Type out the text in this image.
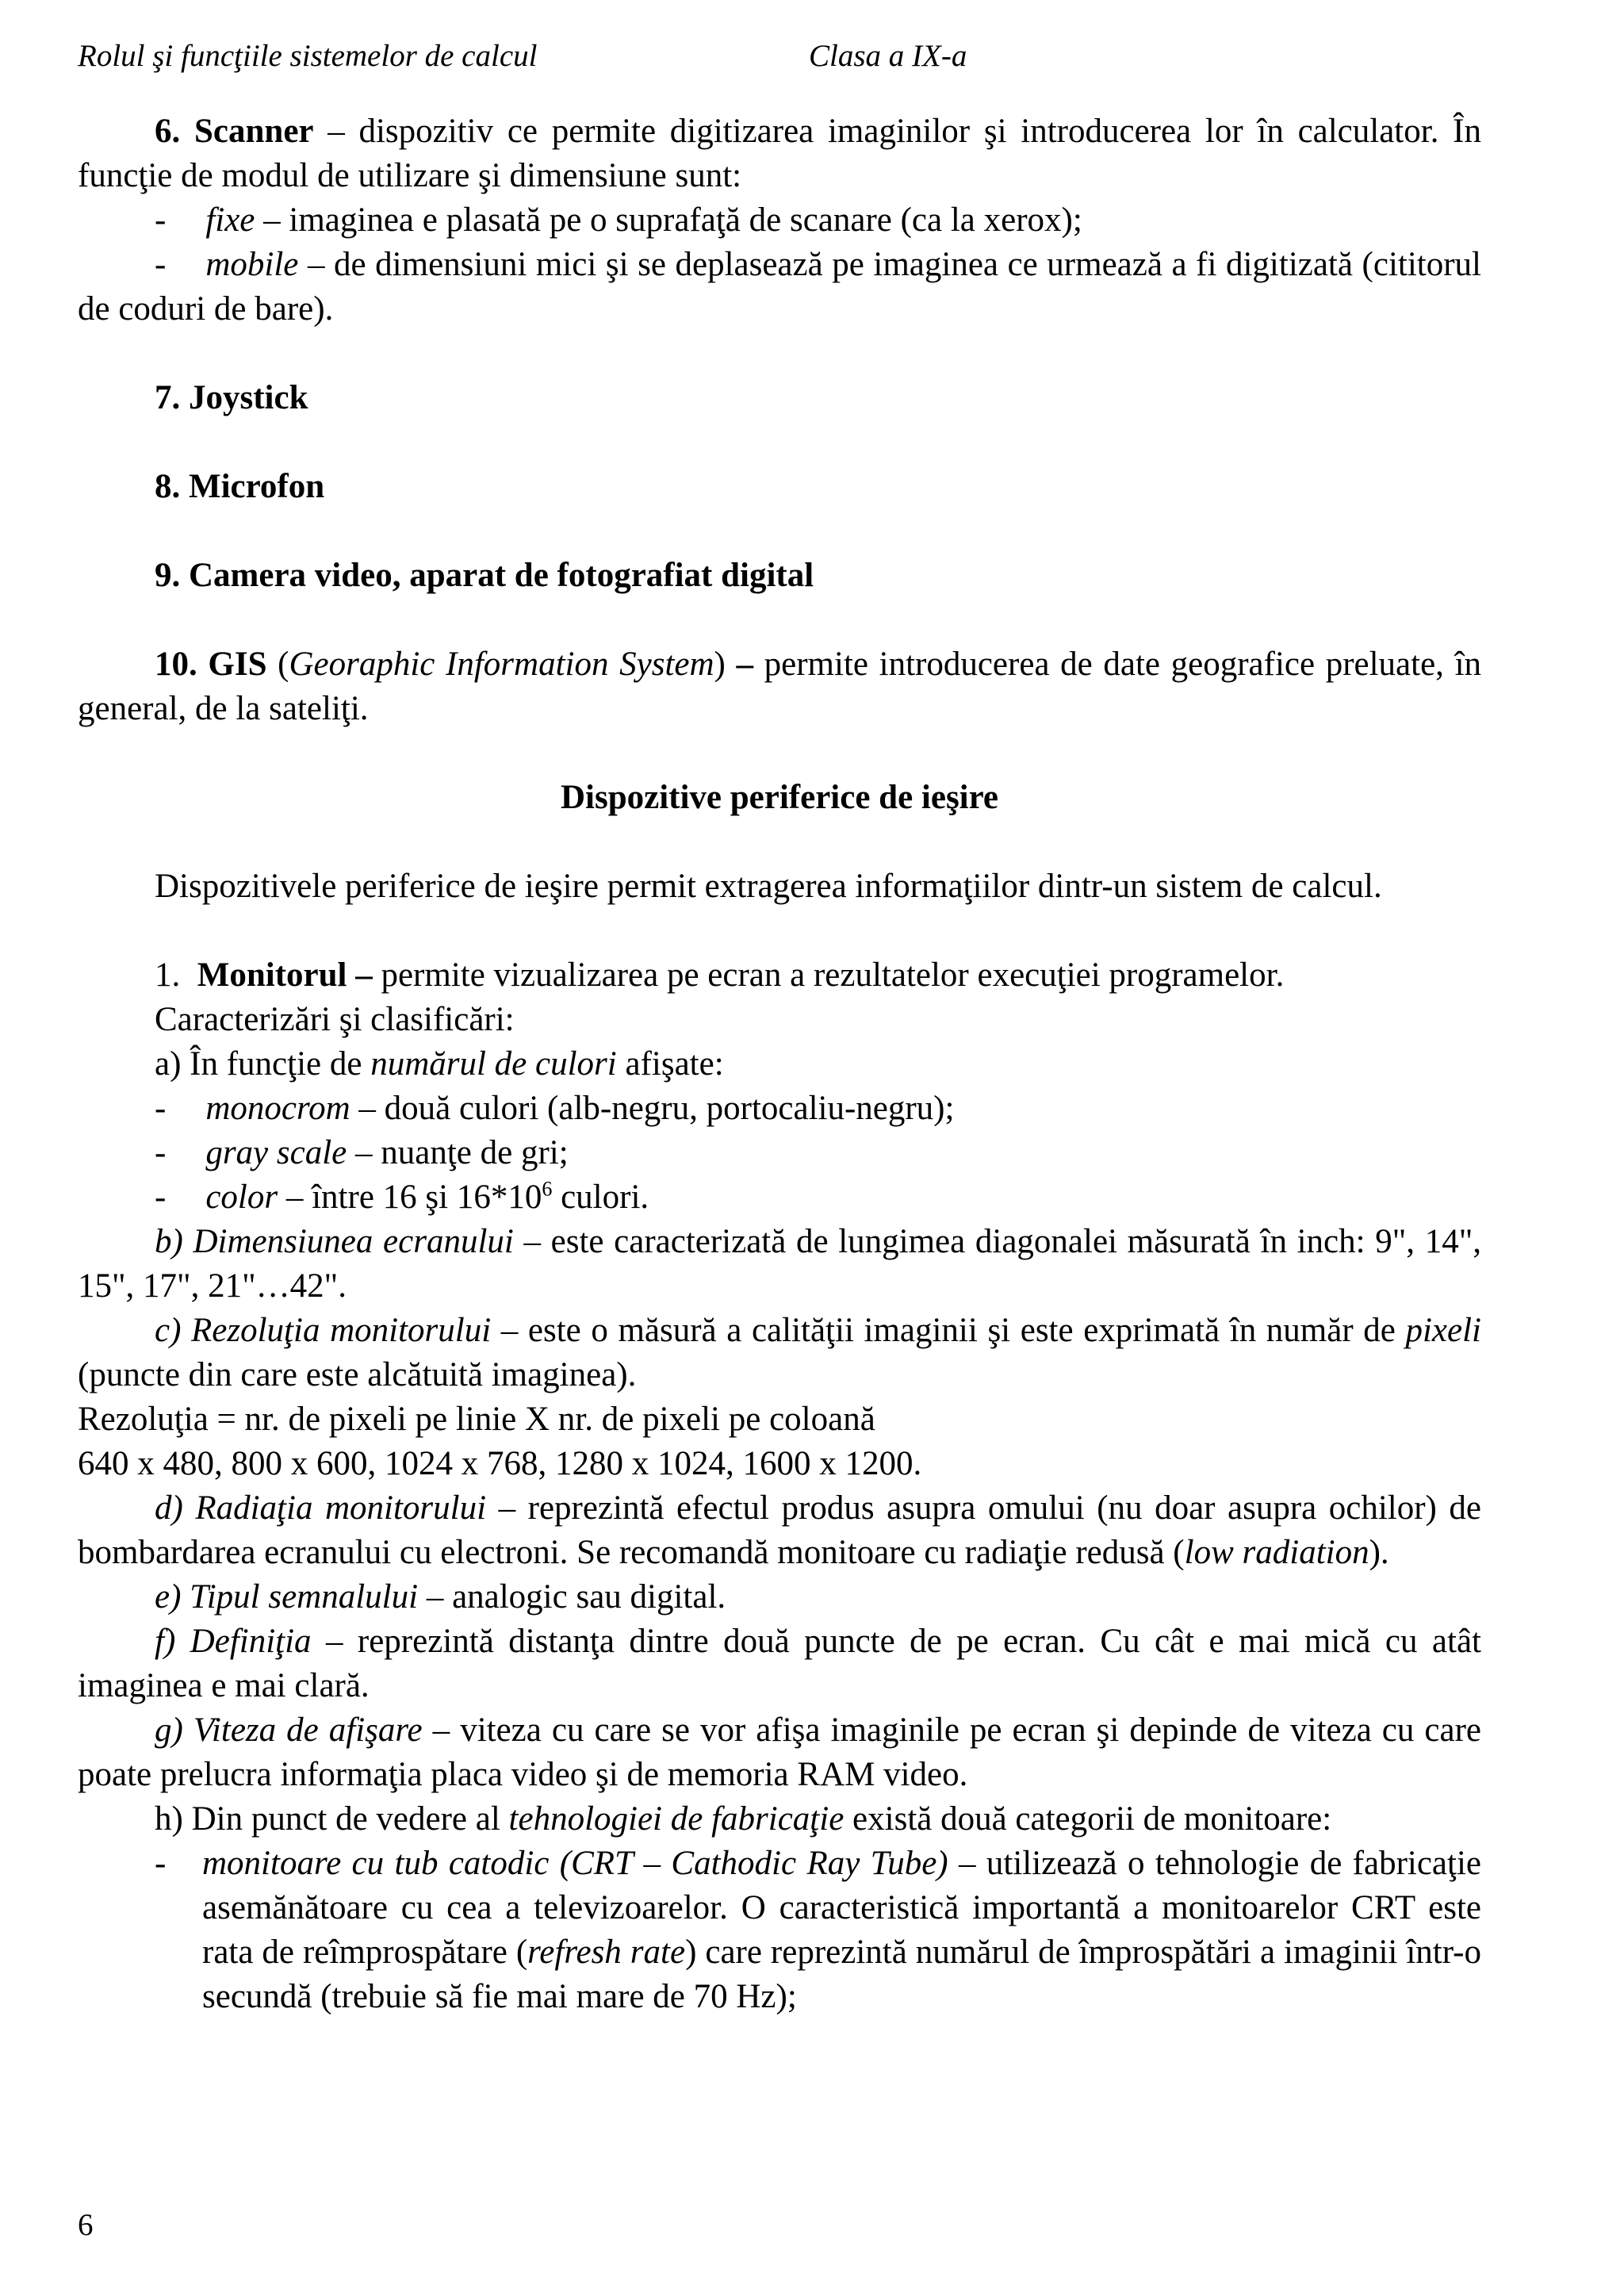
Rolul şi funcţiile sistemelor de calcul	Clasa a IX-a

6. Scanner – dispozitiv ce permite digitizarea imaginilor şi introducerea lor în calculator. În funcţie de modul de utilizare şi dimensiune sunt:

- fixe – imaginea e plasată pe o suprafaţă de scanare (ca la xerox);

- mobile – de dimensiuni mici şi se deplasează pe imaginea ce urmează a fi digitizată (cititorul de coduri de bare).

7. Joystick

8. Microfon

9. Camera video, aparat de fotografiat digital

10. GIS (Georaphic Information System) – permite introducerea de date geografice preluate, în general, de la sateliţi.

Dispozitive periferice de ieşire

Dispozitivele periferice de ieşire permit extragerea informaţiilor dintr-un sistem de calcul.

1. Monitorul – permite vizualizarea pe ecran a rezultatelor execuţiei programelor.

Caracterizări şi clasificări:

a) În funcţie de numărul de culori afişate:

- monocrom – două culori (alb-negru, portocaliu-negru);

- gray scale – nuanţe de gri;

- color – între 16 şi $16*10^6$ culori.

b) Dimensiunea ecranului – este caracterizată de lungimea diagonalei măsurată în inch: 9", 14", 15", 17", 21"…42".

c) Rezoluţia monitorului – este o măsură a calităţii imaginii şi este exprimată în număr de pixeli (puncte din care este alcătuită imaginea).

Rezoluţia = nr. de pixeli pe linie X nr. de pixeli pe coloană

640 x 480, 800 x 600, 1024 x 768, 1280 x 1024, 1600 x 1200.

d) Radiaţia monitorului – reprezintă efectul produs asupra omului (nu doar asupra ochilor) de bombardarea ecranului cu electroni. Se recomandă monitoare cu radiaţie redusă (low radiation).

e) Tipul semnalului – analogic sau digital.

f) Definiţia – reprezintă distanţa dintre două puncte de pe ecran. Cu cât e mai mică cu atât imaginea e mai clară.

g) Viteza de afişare – viteza cu care se vor afişa imaginile pe ecran şi depinde de viteza cu care poate prelucra informaţia placa video şi de memoria RAM video.

h) Din punct de vedere al tehnologiei de fabricaţie există două categorii de monitoare:

- monitoare cu tub catodic (CRT – Cathodic Ray Tube) – utilizează o tehnologie de fabricaţie asemănătoare cu cea a televizoarelor. O caracteristică importantă a monitoarelor CRT este rata de reîmprospătare (refresh rate) care reprezintă numărul de împrospătări a imaginii într-o secundă (trebuie să fie mai mare de 70 Hz);

6
